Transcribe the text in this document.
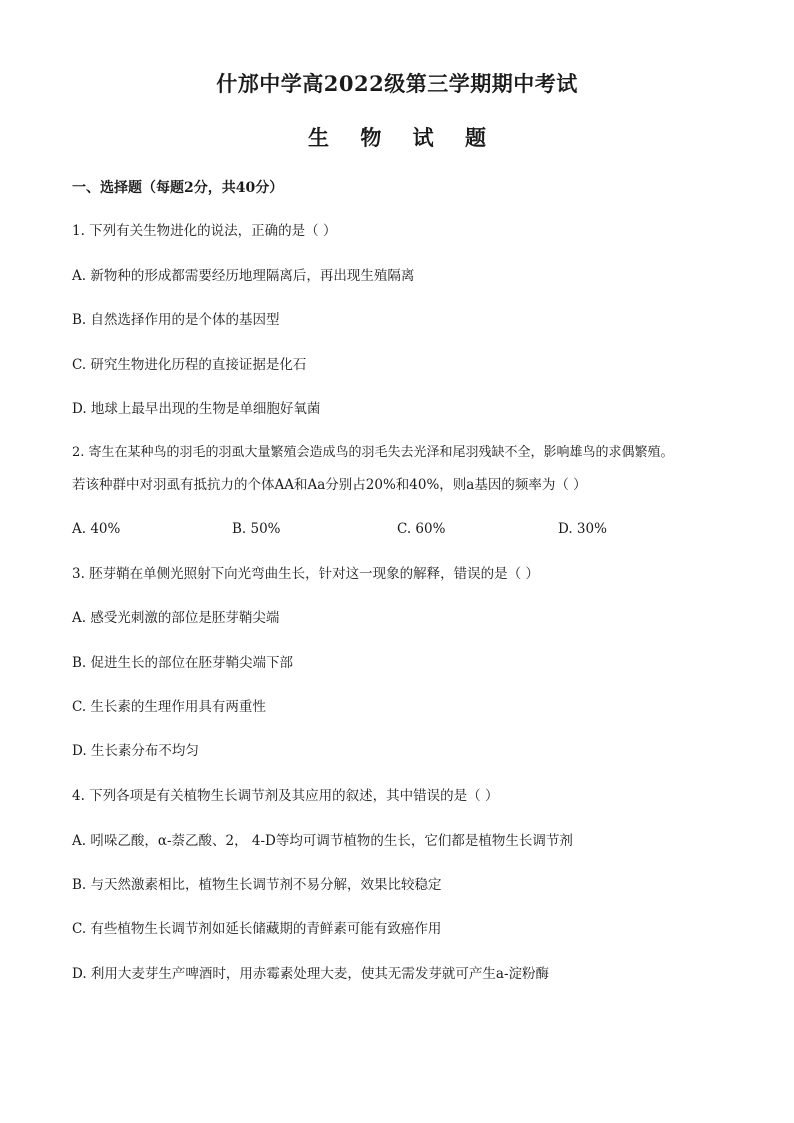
什邡中学高2022级第三学期期中考试
生 物 试 题
一、选择题（每题2分，共40分）
1. 下列有关生物进化的说法，正确的是（ ）
A. 新物种的形成都需要经历地理隔离后，再出现生殖隔离
B. 自然选择作用的是个体的基因型
C. 研究生物进化历程的直接证据是化石
D. 地球上最早出现的生物是单细胞好氧菌
2. 寄生在某种鸟的羽毛的羽虱大量繁殖会造成鸟的羽毛失去光泽和尾羽残缺不全，影响雄鸟的求偶繁殖。
若该种群中对羽虱有抵抗力的个体AA和Aa分别占20%和40%，则a基因的频率为（ ）
A. 40%	B. 50%	C. 60%	D. 30%
3. 胚芽鞘在单侧光照射下向光弯曲生长，针对这一现象的解释，错误的是（ ）
A. 感受光刺激的部位是胚芽鞘尖端
B. 促进生长的部位在胚芽鞘尖端下部
C. 生长素的生理作用具有两重性
D. 生长素分布不均匀
4. 下列各项是有关植物生长调节剂及其应用的叙述，其中错误的是（ ）
A. 吲哚乙酸，α-萘乙酸、2， 4-D等均可调节植物的生长，它们都是植物生长调节剂
B. 与天然激素相比，植物生长调节剂不易分解，效果比较稳定
C. 有些植物生长调节剂如延长储藏期的青鲜素可能有致癌作用
D. 利用大麦芽生产啤酒时，用赤霉素处理大麦，使其无需发芽就可产生a-淀粉酶
